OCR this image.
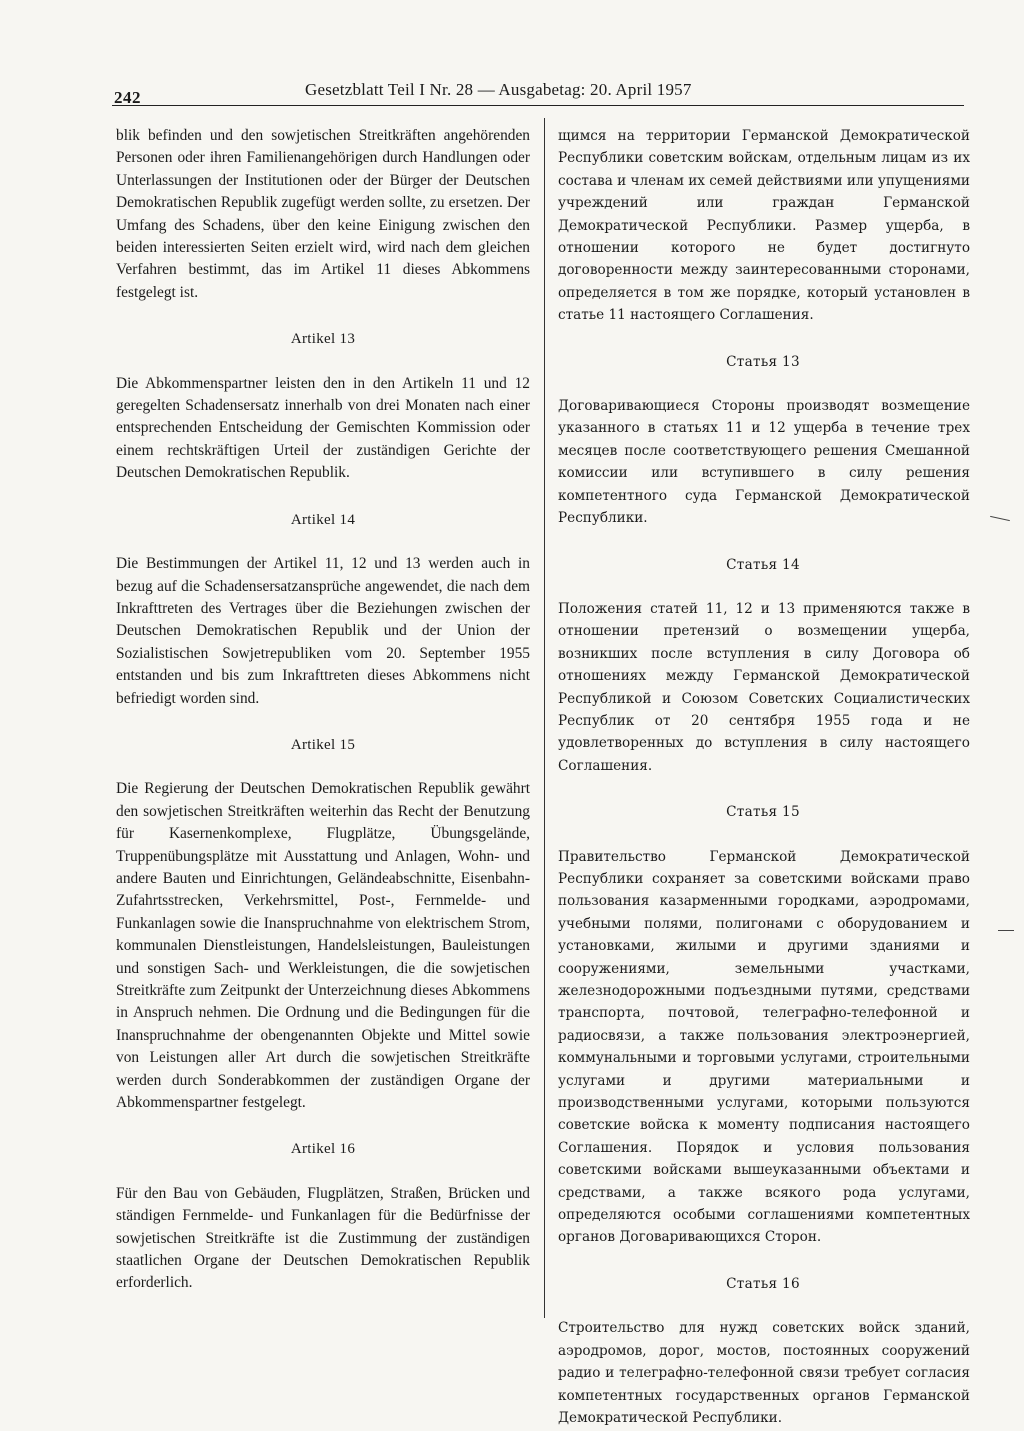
242	Gesetzblatt Teil I Nr. 28 — Ausgabetag: 20. April 1957

blik befinden und den sowjetischen Streitkräften angehörenden Personen oder ihren Familienangehörigen durch Handlungen oder Unterlassungen der Institutionen oder der Bürger der Deutschen Demokratischen Republik zugefügt werden sollte, zu ersetzen. Der Umfang des Schadens, über den keine Einigung zwischen den beiden interessierten Seiten erzielt wird, wird nach dem gleichen Verfahren bestimmt, das im Artikel 11 dieses Abkommens festgelegt ist.

Artikel 13

Die Abkommenspartner leisten den in den Artikeln 11 und 12 geregelten Schadensersatz innerhalb von drei Monaten nach einer entsprechenden Entscheidung der Gemischten Kommission oder einem rechtskräftigen Urteil der zuständigen Gerichte der Deutschen Demokratischen Republik.

Artikel 14

Die Bestimmungen der Artikel 11, 12 und 13 werden auch in bezug auf die Schadensersatzansprüche angewendet, die nach dem Inkrafttreten des Vertrages über die Beziehungen zwischen der Deutschen Demokratischen Republik und der Union der Sozialistischen Sowjetrepubliken vom 20. September 1955 entstanden und bis zum Inkrafttreten dieses Abkommens nicht befriedigt worden sind.

Artikel 15

Die Regierung der Deutschen Demokratischen Republik gewährt den sowjetischen Streitkräften weiterhin das Recht der Benutzung für Kasernenkomplexe, Flugplätze, Übungsgelände, Truppenübungsplätze mit Ausstattung und Anlagen, Wohn- und andere Bauten und Einrichtungen, Geländeabschnitte, Eisenbahn-Zufahrtsstrecken, Verkehrsmittel, Post-, Fernmelde- und Funkanlagen sowie die Inanspruchnahme von elektrischem Strom, kommunalen Dienstleistungen, Handelsleistungen, Bauleistungen und sonstigen Sach- und Werkleistungen, die die sowjetischen Streitkräfte zum Zeitpunkt der Unterzeichnung dieses Abkommens in Anspruch nehmen. Die Ordnung und die Bedingungen für die Inanspruchnahme der obengenannten Objekte und Mittel sowie von Leistungen aller Art durch die sowjetischen Streitkräfte werden durch Sonderabkommen der zuständigen Organe der Abkommenspartner festgelegt.

Artikel 16

Für den Bau von Gebäuden, Flugplätzen, Straßen, Brücken und ständigen Fernmelde- und Funkanlagen für die Bedürfnisse der sowjetischen Streitkräfte ist die Zustimmung der zuständigen staatlichen Organe der Deutschen Demokratischen Republik erforderlich.

щимся на территории Германской Демократической Республики советским войскам, отдельным лицам из их состава и членам их семей действиями или упущениями учреждений или граждан Германской Демократической Республики. Размер ущерба, в отношении которого не будет достигнуто договоренности между заинтересованными сторонами, определяется в том же порядке, который установлен в статье 11 настоящего Соглашения.

Статья 13

Договаривающиеся Стороны производят возмещение указанного в статьях 11 и 12 ущерба в течение трех месяцев после соответствующего решения Смешанной комиссии или вступившего в силу решения компетентного суда Германской Демократической Республики.

Статья 14

Положения статей 11, 12 и 13 применяются также в отношении претензий о возмещении ущерба, возникших после вступления в силу Договора об отношениях между Германской Демократической Республикой и Союзом Советских Социалистических Республик от 20 сентября 1955 года и не удовлетворенных до вступления в силу настоящего Соглашения.

Статья 15

Правительство Германской Демократической Республики сохраняет за советскими войсками право пользования казарменными городками, аэродромами, учебными полями, полигонами с оборудованием и установками, жилыми и другими зданиями и сооружениями, земельными участками, железнодорожными подъездными путями, средствами транспорта, почтовой, телеграфно-телефонной и радиосвязи, а также пользования электроэнергией, коммунальными и торговыми услугами, строительными услугами и другими материальными и производственными услугами, которыми пользуются советские войска к моменту подписания настоящего Соглашения. Порядок и условия пользования советскими войсками вышеуказанными объектами и средствами, а также всякого рода услугами, определяются особыми соглашениями компетентных органов Договаривающихся Сторон.

Статья 16

Строительство для нужд советских войск зданий, аэродромов, дорог, мостов, постоянных сооружений радио и телеграфно-телефонной связи требует согласия компетентных государственных органов Германской Демократической Республики.
